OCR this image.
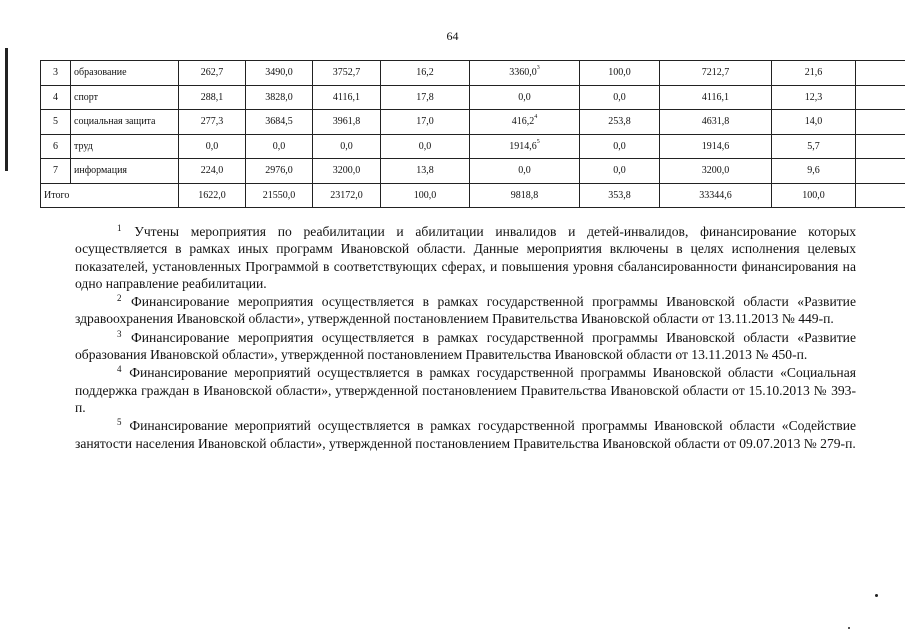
64
3	образование	262,7	3490,0	3752,7	16,2	3360,0$^3$	100,0	7212,7	21,6	
4	спорт	288,1	3828,0	4116,1	17,8	0,0	0,0	4116,1	12,3	
5	социальная защита	277,3	3684,5	3961,8	17,0	416,2$^4$	253,8	4631,8	14,0	
6	труд	0,0	0,0	0,0	0,0	1914,6$^5$	0,0	1914,6	5,7	
7	информация	224,0	2976,0	3200,0	13,8	0,0	0,0	3200,0	9,6	
Итого		1622,0	21550,0	23172,0	100,0	9818,8	353,8	33344,6	100,0	

$^1$ Учтены мероприятия по реабилитации и абилитации инвалидов и детей-инвалидов, финансирование которых осуществляется в рамках иных программ Ивановской области. Данные мероприятия включены в целях исполнения целевых показателей, установленных Программой в соответствующих сферах, и повышения уровня сбалансированности финансирования на одно направление реабилитации.

$^2$ Финансирование мероприятия осуществляется в рамках государственной программы Ивановской области «Развитие здравоохранения Ивановской области», утвержденной постановлением Правительства Ивановской области от 13.11.2013 № 449-п.

$^3$ Финансирование мероприятия осуществляется в рамках государственной программы Ивановской области «Развитие образования Ивановской области», утвержденной постановлением Правительства Ивановской области от 13.11.2013 № 450-п.

$^4$ Финансирование мероприятий осуществляется в рамках государственной программы Ивановской области «Социальная поддержка граждан в Ивановской области», утвержденной постановлением Правительства Ивановской области от 15.10.2013 № 393-п.

$^5$ Финансирование мероприятий осуществляется в рамках государственной программы Ивановской области «Содействие занятости населения Ивановской области», утвержденной постановлением Правительства Ивановской области от 09.07.2013 № 279-п.
